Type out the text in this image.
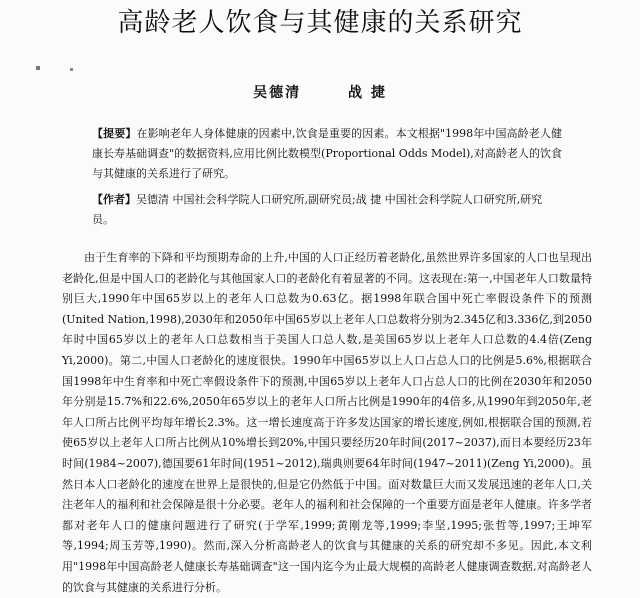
高龄老人饮食与其健康的关系研究
吴德清	战 捷
【提要】在影响老年人身体健康的因素中,饮食是重要的因素。本文根据"1998年中国高龄老人健康长寿基础调查"的数据资料,应用比例比数模型(Proportional Odds Model),对高龄老人的饮食与其健康的关系进行了研究。
【作者】吴德清 中国社会科学院人口研究所,副研究员;战 捷 中国社会科学院人口研究所,研究员。
由于生育率的下降和平均预期寿命的上升,中国的人口正经历着老龄化,虽然世界许多国家的人口也呈现出老龄化,但是中国人口的老龄化与其他国家人口的老龄化有着显著的不同。这表现在:第一,中国老年人口数量特别巨大,1990年中国65岁以上的老年人口总数为0.63亿。据1998年联合国中死亡率假设条件下的预测(United Nation,1998),2030年和2050年中国65岁以上老年人口总数将分别为2.345亿和3.336亿,到2050年时中国65岁以上的老年人口总数相当于美国人口总人数,是美国65岁以上老年人口总数的4.4倍(Zeng Yi,2000)。第二,中国人口老龄化的速度很快。1990年中国65岁以上人口占总人口的比例是5.6%,根据联合国1998年中生育率和中死亡率假设条件下的预测,中国65岁以上老年人口占总人口的比例在2030年和2050年分别是15.7%和22.6%,2050年65岁以上的老年人口所占比例是1990年的4倍多,从1990年到2050年,老年人口所占比例平均每年增长2.3%。这一增长速度高于许多发达国家的增长速度,例如,根据联合国的预测,若使65岁以上老年人口所占比例从10%增长到20%,中国只要经历20年时间(2017~2037),而日本要经历23年时间(1984~2007),德国要61年时间(1951~2012),瑞典则要64年时间(1947~2011)(Zeng Yi,2000)。虽然日本人口老龄化的速度在世界上是很快的,但是它仍然低于中国。面对数量巨大而又发展迅速的老年人口,关注老年人的福利和社会保障是很十分必要。老年人的福利和社会保障的一个重要方面是老年人健康。许多学者都对老年人口的健康问题进行了研究(于学军,1999;黄刚龙等,1999;李坚,1995;张哲等,1997;王坤军等,1994;周玉芳等,1990)。然而,深入分析高龄老人的饮食与其健康的关系的研究却不多见。因此,本文利用"1998年中国高龄老人健康长寿基础调查"这一国内迄今为止最大规模的高龄老人健康调查数据,对高龄老人的饮食与其健康的关系进行分析。
